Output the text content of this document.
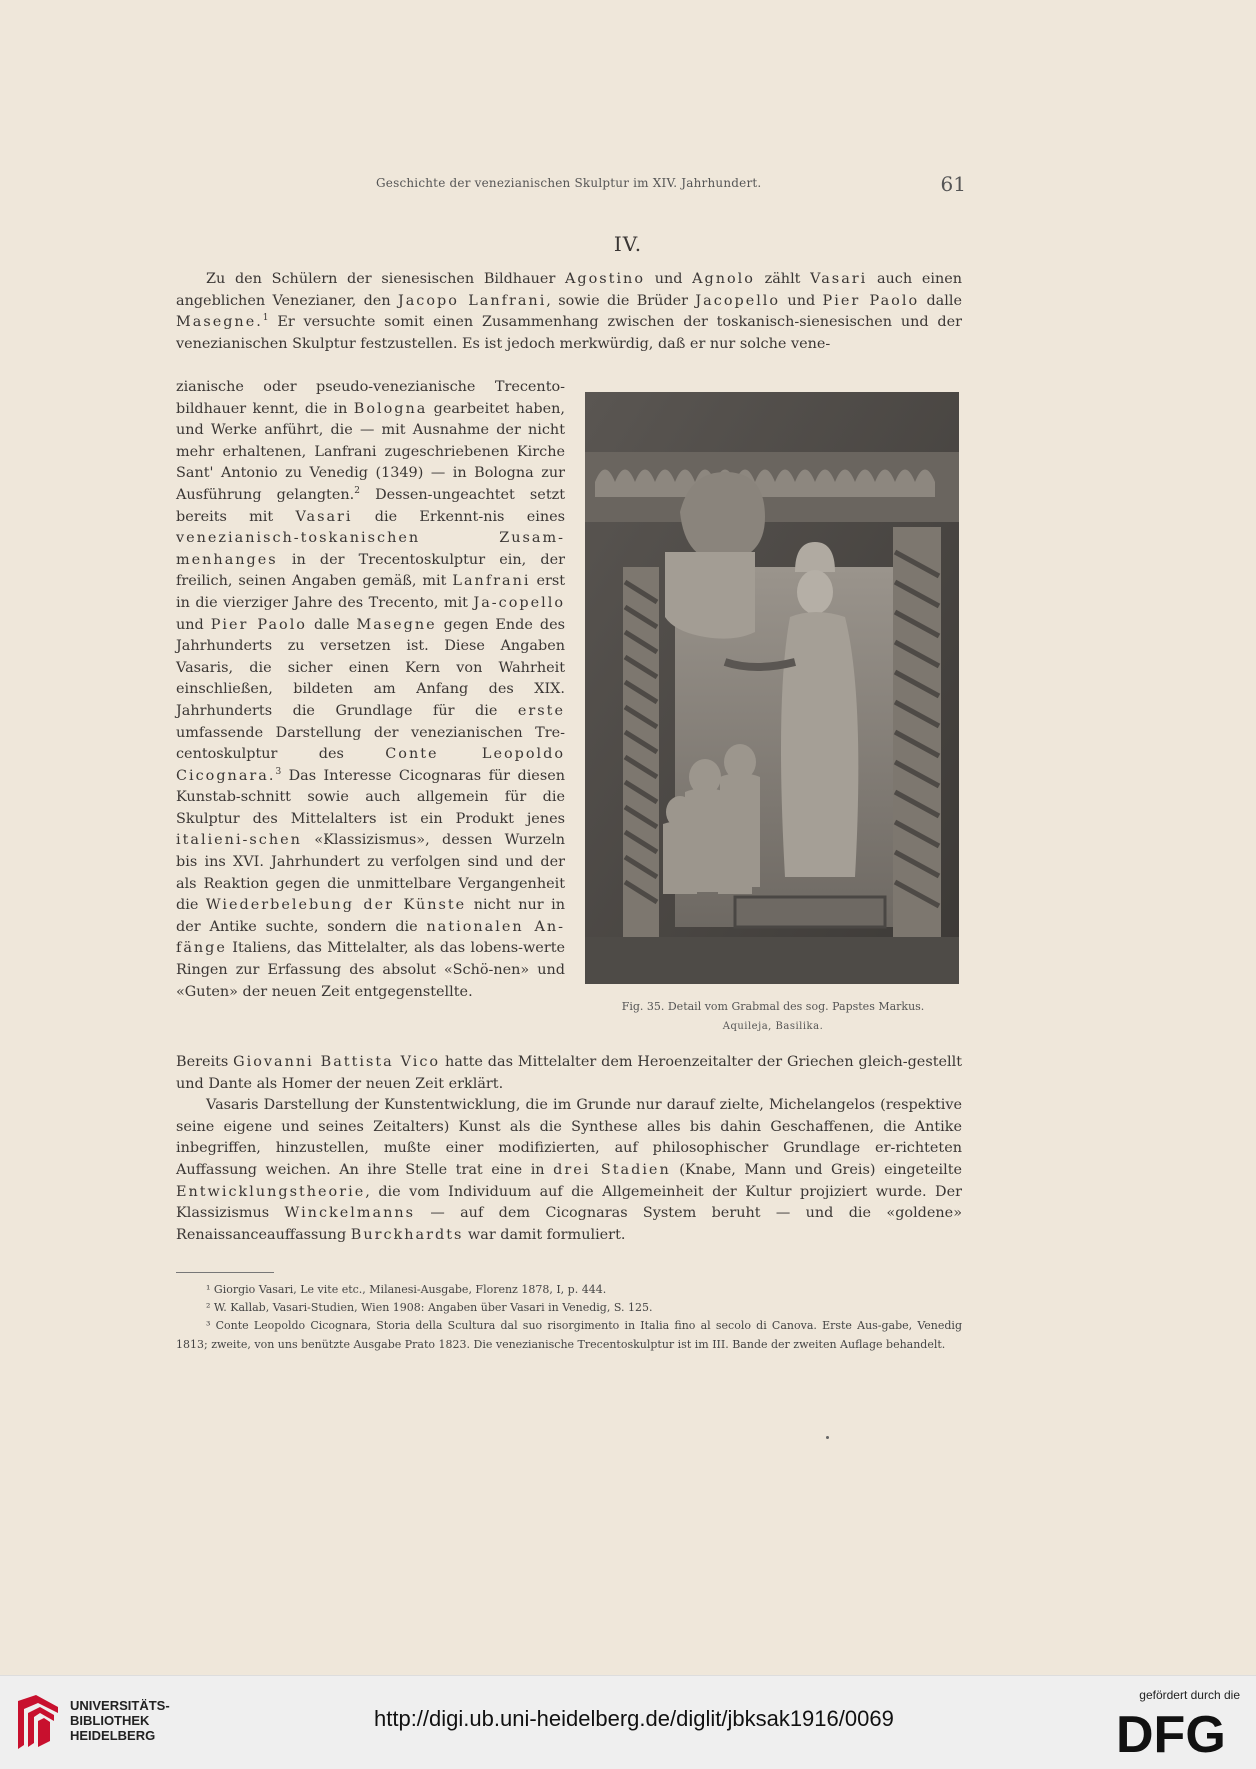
Geschichte der venezianischen Skulptur im XIV. Jahrhundert.	61
IV.

Zu den Schülern der sienesischen Bildhauer Agostino und Agnolo zählt Vasari auch einen angeblichen Venezianer, den Jacopo Lanfrani, sowie die Brüder Jacopello und Pier Paolo dalle Masegne.$^1$ Er versuchte somit einen Zusammenhang zwischen der toskanisch-sienesischen und der venezianischen Skulptur festzustellen. Es ist jedoch merkwürdig, daß er nur solche vene-

zianische oder pseudo-venezianische Trecento-bildhauer kennt, die in Bologna gearbeitet haben, und Werke anführt, die — mit Ausnahme der nicht mehr erhaltenen, Lanfrani zugeschriebenen Kirche Sant' Antonio zu Venedig (1349) — in Bologna zur Ausführung gelangten.$^2$ Dessen-ungeachtet setzt bereits mit Vasari die Erkennt-nis eines venezianisch-toskanischen Zusam-menhanges in der Trecentoskulptur ein, der freilich, seinen Angaben gemäß, mit Lanfrani erst in die vierziger Jahre des Trecento, mit Ja-copello und Pier Paolo dalle Masegne gegen Ende des Jahrhunderts zu versetzen ist. Diese Angaben Vasaris, die sicher einen Kern von Wahrheit einschließen, bildeten am Anfang des XIX. Jahrhunderts die Grundlage für die erste umfassende Darstellung der venezianischen Tre-centoskulptur des Conte Leopoldo Cicognara.$^3$ Das Interesse Cicognaras für diesen Kunstab-schnitt sowie auch allgemein für die Skulptur des Mittelalters ist ein Produkt jenes italieni-schen «Klassizismus», dessen Wurzeln bis ins XVI. Jahrhundert zu verfolgen sind und der als Reaktion gegen die unmittelbare Vergangenheit die Wiederbelebung der Künste nicht nur in der Antike suchte, sondern die nationalen An-fänge Italiens, das Mittelalter, als das lobens-werte Ringen zur Erfassung des absolut «Schö-nen» und «Guten» der neuen Zeit entgegenstellte.

Fig. 35. Detail vom Grabmal des sog. Papstes Markus.
Aquileja, Basilika.

Bereits Giovanni Battista Vico hatte das Mittelalter dem Heroenzeitalter der Griechen gleich-gestellt und Dante als Homer der neuen Zeit erklärt.

Vasaris Darstellung der Kunstentwicklung, die im Grunde nur darauf zielte, Michelangelos (respektive seine eigene und seines Zeitalters) Kunst als die Synthese alles bis dahin Geschaffenen, die Antike inbegriffen, hinzustellen, mußte einer modifizierten, auf philosophischer Grundlage er-richteten Auffassung weichen. An ihre Stelle trat eine in drei Stadien (Knabe, Mann und Greis) eingeteilte Entwicklungstheorie, die vom Individuum auf die Allgemeinheit der Kultur projiziert wurde. Der Klassizismus Winckelmanns — auf dem Cicognaras System beruht — und die «goldene» Renaissanceauffassung Burckhardts war damit formuliert.

¹ Giorgio Vasari, Le vite etc., Milanesi-Ausgabe, Florenz 1878, I, p. 444.

² W. Kallab, Vasari-Studien, Wien 1908: Angaben über Vasari in Venedig, S. 125.

³ Conte Leopoldo Cicognara, Storia della Scultura dal suo risorgimento in Italia fino al secolo di Canova. Erste Aus-gabe, Venedig 1813; zweite, von uns benützte Ausgabe Prato 1823. Die venezianische Trecentoskulptur ist im III. Bande der zweiten Auflage behandelt.

UNIVERSITÄTS-
BIBLIOTHEK
HEIDELBERG
http://digi.ub.uni-heidelberg.de/diglit/jbksak1916/0069
gefördert durch die
DFG
